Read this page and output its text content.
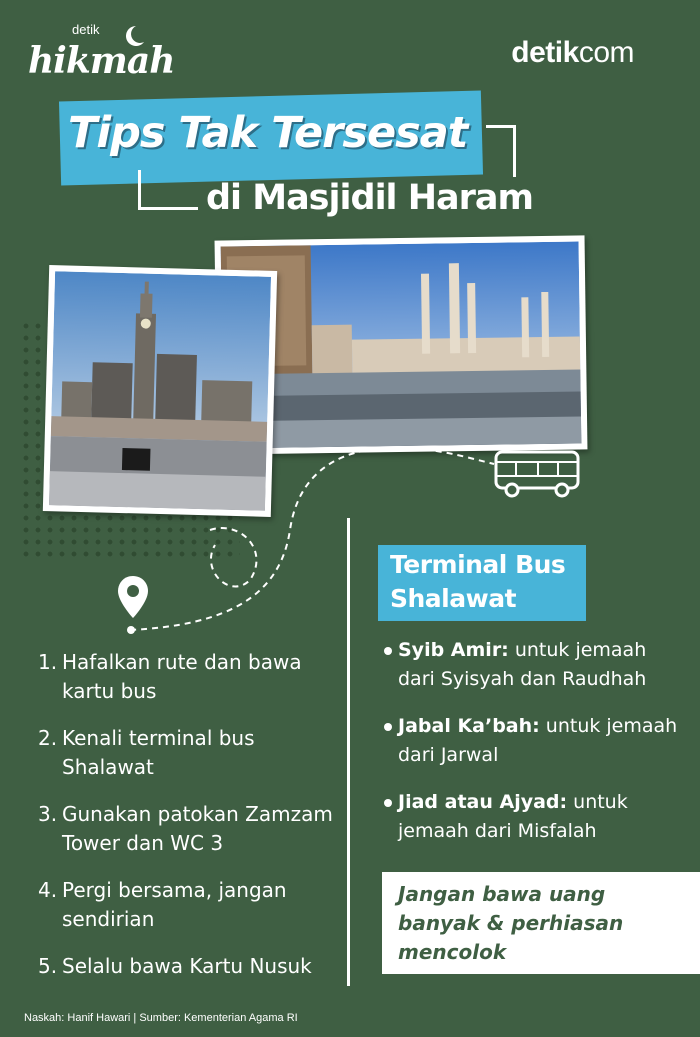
detik
hikmah	detikcom
Tips Tak Tersesat
di Masjidil Haram
1. Hafalkan rute dan bawa kartu bus
2. Kenali terminal bus Shalawat
3. Gunakan patokan Zamzam Tower dan WC 3
4. Pergi bersama, jangan sendirian
5. Selalu bawa Kartu Nusuk
Terminal Bus Shalawat
Syib Amir: untuk jemaah dari Syisyah dan Raudhah
Jabal Ka’bah: untuk jemaah dari Jarwal
Jiad atau Ajyad: untuk jemaah dari Misfalah
Jangan bawa uang banyak & perhiasan mencolok
Naskah: Hanif Hawari | Sumber: Kementerian Agama RI
